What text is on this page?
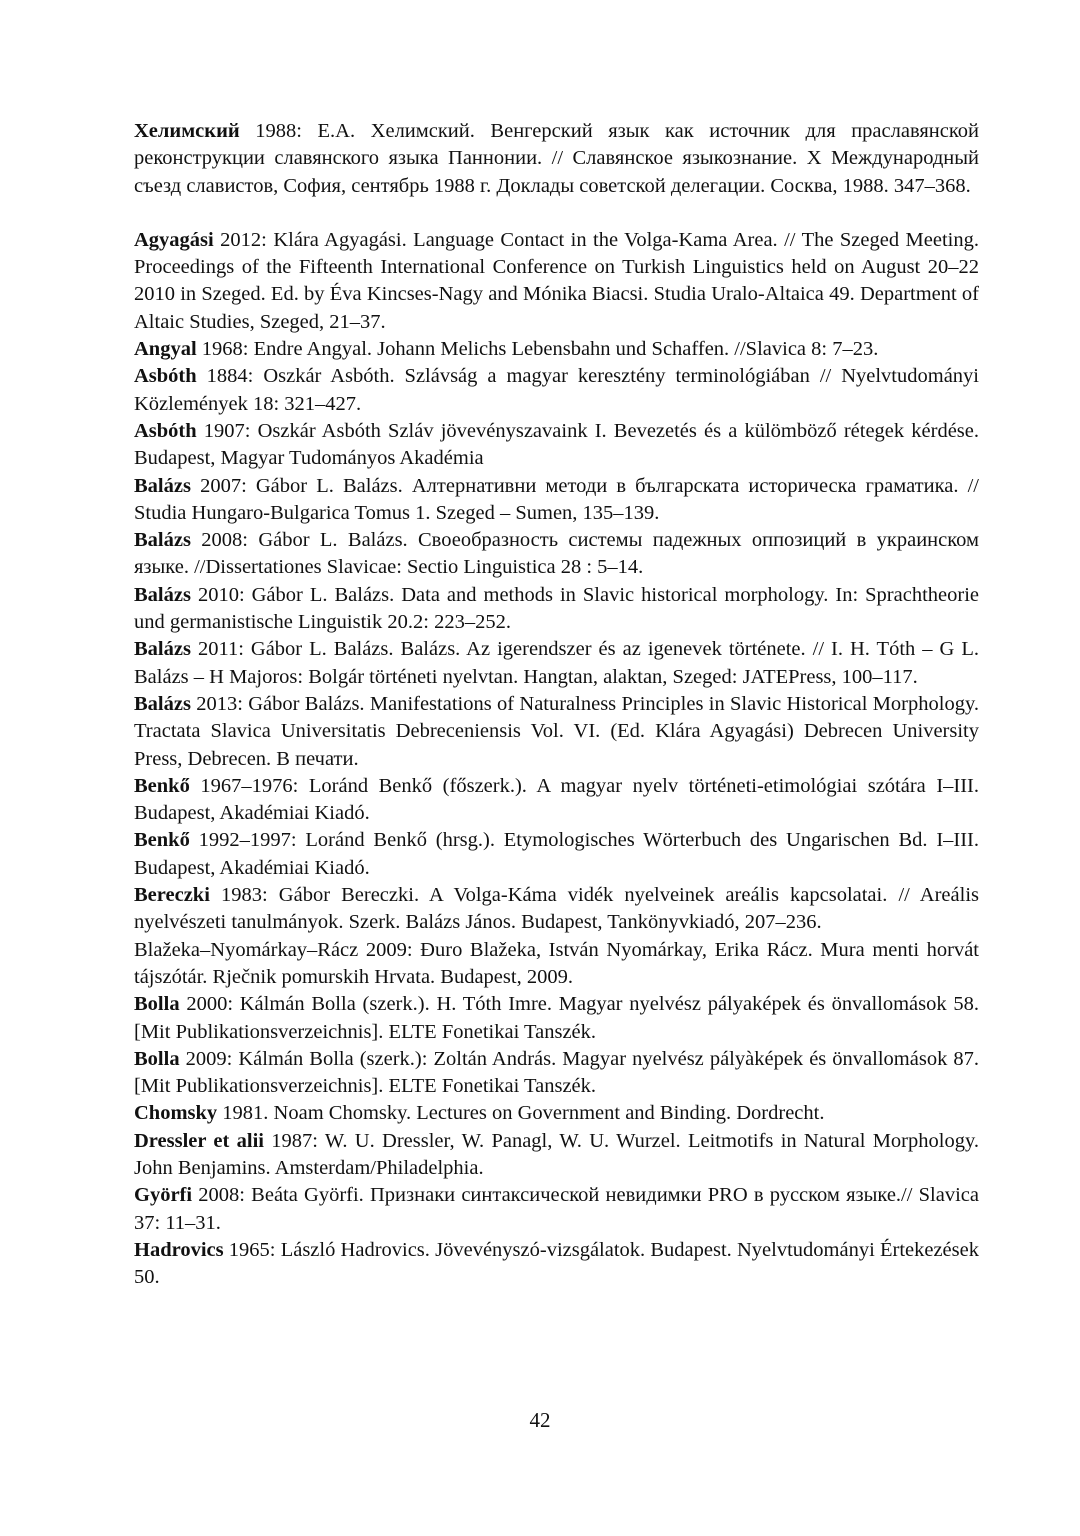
Хелимский 1988: Е.А. Хелимский. Венгерский язык как источник для праславянской реконструкции славянского языка Паннонии. // Славянское языкознание. X Международный съезд славистов, София, сентябрь 1988 г. Доклады советской делегации. Сосква, 1988. 347–368.

Agyagási 2012: Klára Agyagási. Language Contact in the Volga-Kama Area. // The Szeged Meeting. Proceedings of the Fifteenth International Conference on Turkish Linguistics held on August 20–22 2010 in Szeged. Ed. by Éva Kincses-Nagy and Mónika Biacsi. Studia Uralo-Altaica 49. Department of Altaic Studies, Szeged, 21–37.

Angyal 1968: Endre Angyal. Johann Melichs Lebensbahn und Schaffen. //Slavica 8: 7–23.

Asbóth 1884: Oszkár Asbóth. Szlávság a magyar keresztény terminológiában // Nyelvtudományi Közlemények 18: 321–427.

Asbóth 1907: Oszkár Asbóth Szláv jövevényszavaink I. Bevezetés és a külömböző rétegek kérdése. Budapest, Magyar Tudományos Akadémia

Balázs 2007: Gábor L. Balázs. Алтернативни методи в българската историческа граматика. // Studia Hungaro-Bulgarica Tomus 1. Szeged – Sumen, 135–139.

Balázs 2008: Gábor L. Balázs. Своеобразность системы падежных оппозиций в украинском языке. //Dissertationes Slavicae: Sectio Linguistica 28 : 5–14.

Balázs 2010: Gábor L. Balázs. Data and methods in Slavic historical morphology. In: Sprachtheorie und germanistische Linguistik 20.2: 223–252.

Balázs 2011: Gábor L. Balázs. Balázs. Az igerendszer és az igenevek története. // I. H. Tóth – G L. Balázs – H Majoros: Bolgár történeti nyelvtan. Hangtan, alaktan, Szeged: JATEPress, 100–117.

Balázs 2013: Gábor Balázs. Manifestations of Naturalness Principles in Slavic Historical Morphology. Tractata Slavica Universitatis Debreceniensis Vol. VI. (Ed. Klára Agyagási) Debrecen University Press, Debrecen. В печати.

Benkő 1967–1976: Loránd Benkő (főszerk.). A magyar nyelv történeti-etimológiai szótára I–III. Budapest, Akadémiai Kiadó.

Benkő 1992–1997: Loránd Benkő (hrsg.). Etymologisches Wörterbuch des Ungarischen Bd. I–III. Budapest, Akadémiai Kiadó.

Bereczki 1983: Gábor Bereczki. A Volga-Káma vidék nyelveinek areális kapcsolatai. // Areális nyelvészeti tanulmányok. Szerk. Balázs János. Budapest, Tankönyvkiadó, 207–236.

Blažeka–Nyomárkay–Rácz 2009: Đuro Blažeka, István Nyomárkay, Erika Rácz. Mura menti horvát tájszótár. Rječnik pomurskih Hrvata. Budapest, 2009.

Bolla 2000: Kálmán Bolla (szerk.). H. Tóth Imre. Magyar nyelvész pályaképek és önvallomások 58. [Mit Publikationsverzeichnis]. ELTE Fonetikai Tanszék.

Bolla 2009: Kálmán Bolla (szerk.): Zoltán András. Magyar nyelvész pályàképek és önvallomások 87. [Mit Publikationsverzeichnis]. ELTE Fonetikai Tanszék.

Chomsky 1981. Noam Chomsky. Lectures on Government and Binding. Dordrecht.

Dressler et alii 1987: W. U. Dressler, W. Panagl, W. U. Wurzel. Leitmotifs in Natural Morphology. John Benjamins. Amsterdam/Philadelphia.

Györfi 2008: Beáta Györfi. Признаки синтаксической невидимки PRO в русском языке.// Slavica 37: 11–31.

Hadrovics 1965: László Hadrovics. Jövevényszó-vizsgálatok. Budapest. Nyelvtudományi Értekezések 50.

42
